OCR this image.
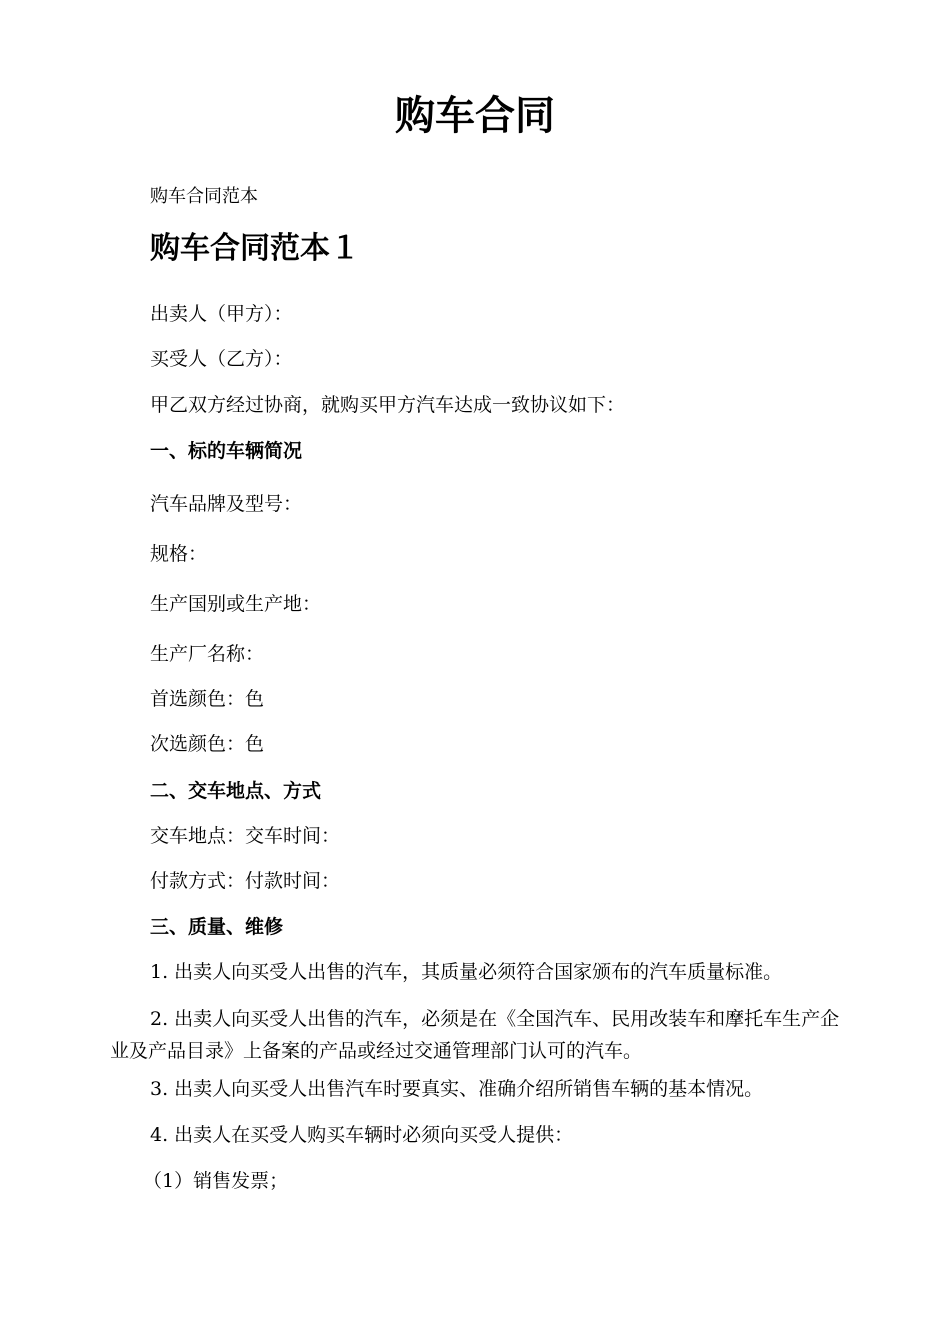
购车合同
购车合同范本
购车合同范本１
出卖人（甲方）：
买受人（乙方）：
甲乙双方经过协商，就购买甲方汽车达成一致协议如下：
一、标的车辆简况
汽车品牌及型号：
规格：
生产国别或生产地：
生产厂名称：
首选颜色：色
次选颜色：色
二、交车地点、方式
交车地点：交车时间：
付款方式：付款时间：
三、质量、维修
1. 出卖人向买受人出售的汽车，其质量必须符合国家颁布的汽车质量标准。
2. 出卖人向买受人出售的汽车，必须是在《全国汽车、民用改装车和摩托车生产企业及产品目录》上备案的产品或经过交通管理部门认可的汽车。
3. 出卖人向买受人出售汽车时要真实、准确介绍所销售车辆的基本情况。
4. 出卖人在买受人购买车辆时必须向买受人提供：
（1）销售发票；
